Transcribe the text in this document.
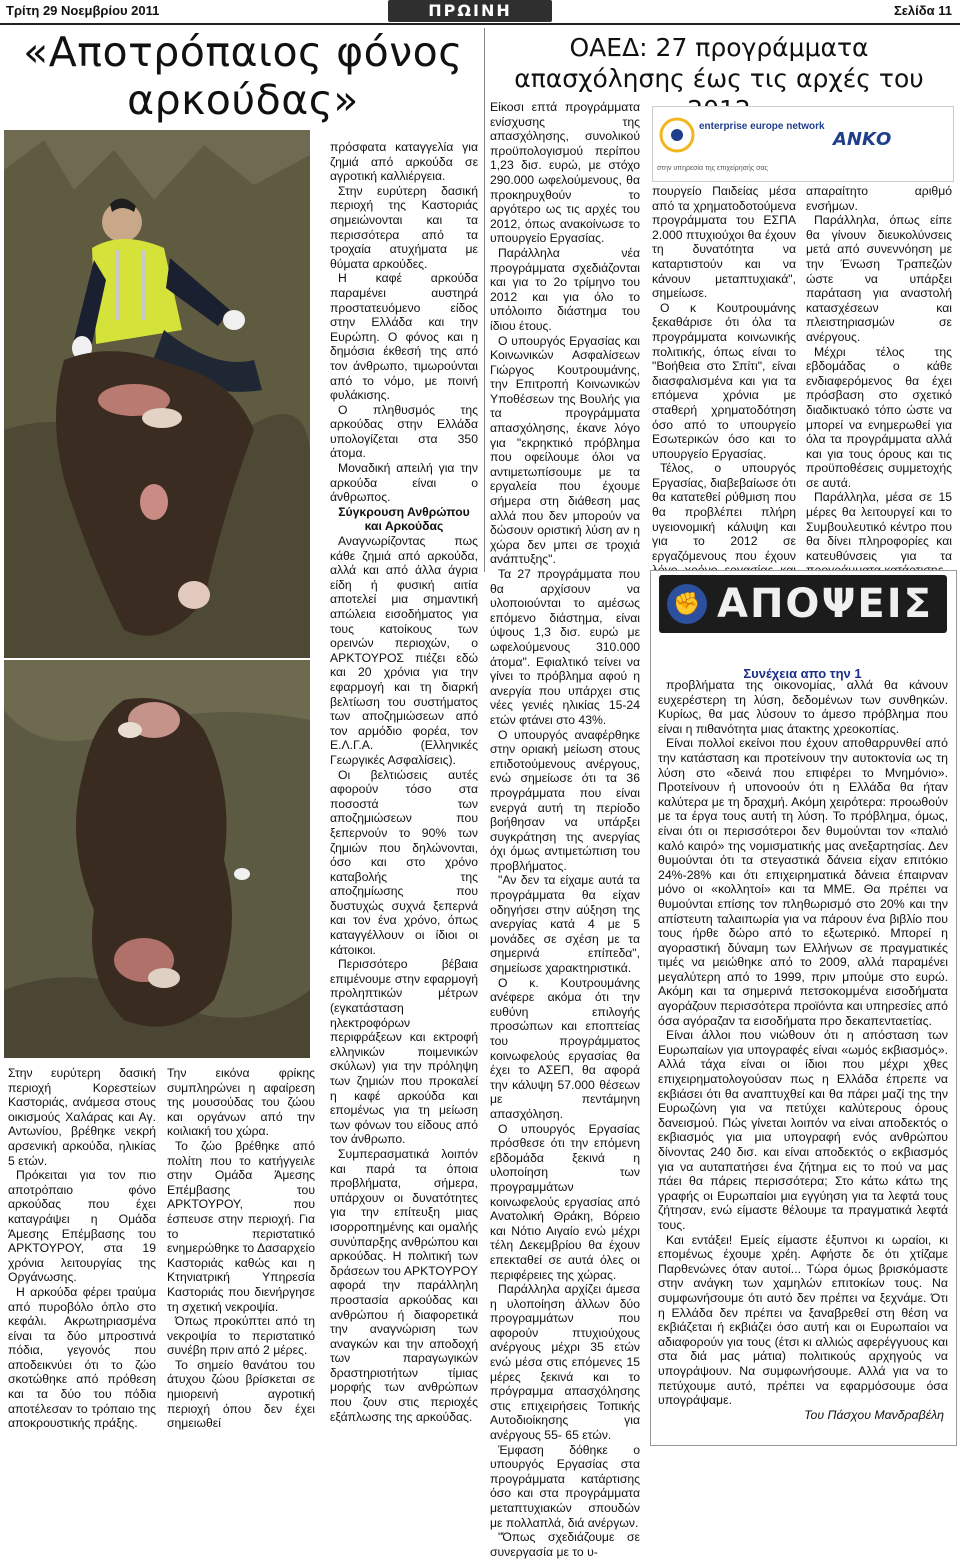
Τρίτη 29 Νοεμβρίου 2011	ΠΡΩΙΝΗ	Σελίδα 11
«Αποτρόπαιος φόνος αρκούδας»

Στην ευρύτερη δασική περιοχή Κορεστείων Καστοριάς, ανάμεσα στους οικισμούς Χαλάρας και Αγ. Αντωνίου, βρέθηκε νεκρή αρσενική αρκούδα, ηλικίας 5 ετών.

Πρόκειται για τον πιο αποτρόπαιο φόνο αρκούδας που έχει καταγράψει η Ομάδα Άμεσης Επέμβασης του ΑΡΚΤΟΥΡΟΥ, στα 19 χρόνια λειτουργίας της Οργάνωσης.

Η αρκούδα φέρει τραύμα από πυροβόλο όπλο στο κεφάλι. Ακρωτηριασμένα είναι τα δύο μπροστινά πόδια, γεγονός που αποδεικνύει ότι το ζώο σκοτώθηκε από πρόθεση και τα δύο του πόδια αποτέλεσαν το τρόπαιο της αποκρουστικής πράξης.

Την εικόνα φρίκης συμπληρώνει η αφαίρεση της μουσούδας του ζώου και οργάνων από την κοιλιακή του χώρα.

Το ζώο βρέθηκε από πολίτη που το κατήγγειλε στην Ομάδα Άμεσης Επέμβασης του ΑΡΚΤΟΥΡΟΥ, που έσπευσε στην περιοχή. Για το περιστατικό ενημερώθηκε το Δασαρχείο Καστοριάς καθώς και η Κτηνιατρική Υπηρεσία Καστοριάς που διενήργησε τη σχετική νεκροψία.

Όπως προκύπτει από τη νεκροψία το περιστατικό συνέβη πριν από 2 μέρες.

Το σημείο θανάτου του άτυχου ζώου βρίσκεται σε ημιορεινή αγροτική περιοχή όπου δεν έχει σημειωθεί

πρόσφατα καταγγελία για ζημιά από αρκούδα σε αγροτική καλλιέργεια.

Στην ευρύτερη δασική περιοχή της Καστοριάς σημειώνονται και τα περισσότερα από τα τροχαία ατυχήματα με θύματα αρκούδες.

Η καφέ αρκούδα παραμένει αυστηρά προστατευόμενο είδος στην Ελλάδα και την Ευρώπη. Ο φόνος και η δημόσια έκθεσή της από τον άνθρωπο, τιμωρούνται από το νόμο, με ποινή φυλάκισης.

Ο πληθυσμός της αρκούδας στην Ελλάδα υπολογίζεται στα 350 άτομα.

Μοναδική απειλή για την αρκούδα είναι ο άνθρωπος.

Σύγκρουση Ανθρώπου και Αρκούδας

Αναγνωρίζοντας πως κάθε ζημιά από αρκούδα, αλλά και από άλλα άγρια είδη ή φυσική αιτία αποτελεί μια σημαντική απώλεια εισοδήματος για τους κατοίκους των ορεινών περιοχών, ο ΑΡΚΤΟΥΡΟΣ πιέζει εδώ και 20 χρόνια για την εφαρμογή και τη διαρκή βελτίωση του συστήματος των αποζημιώσεων από τον αρμόδιο φορέα, τον Ε.Λ.Γ.Α. (Ελληνικές Γεωργικές Ασφαλίσεις).

Οι βελτιώσεις αυτές αφορούν τόσο στα ποσοστά των αποζημιώσεων που ξεπερνούν το 90% των ζημιών που δηλώνονται, όσο και στο χρόνο καταβολής της αποζημίωσης που δυστυχώς συχνά ξεπερνά και τον ένα χρόνο, όπως καταγγέλλουν οι ίδιοι οι κάτοικοι.

Περισσότερο βέβαια επιμένουμε στην εφαρμογή προληπτικών μέτρων (εγκατάσταση ηλεκτροφόρων περιφράξεων και εκτροφή ελληνικών ποιμενικών σκύλων) για την πρόληψη των ζημιών που προκαλεί η καφέ αρκούδα και επομένως για τη μείωση των φόνων του είδους από τον άνθρωπο.

Συμπερασματικά λοιπόν και παρά τα όποια προβλήματα, σήμερα, υπάρχουν οι δυνατότητες για την επίτευξη μιας ισορροπημένης και ομαλής συνύπαρξης ανθρώπου και αρκούδας. Η πολιτική των δράσεων του ΑΡΚΤΟΥΡΟΥ αφορά την παράλληλη προστασία αρκούδας και ανθρώπου ή διαφορετικά την αναγνώριση των αναγκών και την αποδοχή των παραγωγικών δραστηριοτήτων τίμιας μορφής των ανθρώπων που ζουν στις περιοχές εξάπλωσης της αρκούδας.

ΟΑΕΔ: 27 προγράμματα απασχόλησης έως τις αρχές του
enterprise europe network
ΑΝΚΟ
στην υπηρεσία της επιχείρησής σας

Είκοσι επτά προγράμματα ενίσχυσης της απασχόλησης, συνολικού προϋπολογισμού περίπου 1,23 δισ. ευρώ, με στόχο 290.000 ωφελούμενους, θα προκηρυχθούν το αργότερο ως τις αρχές του 2012, όπως ανακοίνωσε το υπουργείο Εργασίας.

Παράλληλα νέα προγράμματα σχεδιάζονται και για το 2ο τρίμηνο του 2012 και για όλο το υπόλοιπο διάστημα του ίδιου έτους.

Ο υπουργός Εργασίας και Κοινωνικών Ασφαλίσεων Γιώργος Κουτρουμάνης, την Επιτροπή Κοινωνικών Υποθέσεων της Βουλής για τα προγράμματα απασχόλησης, έκανε λόγο για "εκρηκτικό πρόβλημα που οφείλουμε όλοι να αντιμετωπίσουμε με τα εργαλεία που έχουμε σήμερα στη διάθεση μας αλλά που δεν μπορούν να δώσουν οριστική λύση αν η χώρα δεν μπει σε τροχιά ανάπτυξης".

Τα 27 προγράμματα που θα αρχίσουν να υλοποιούνται το αμέσως επόμενο διάστημα, είναι ύψους 1,3 δισ. ευρώ με ωφελούμενους 310.000 άτομα". Εφιαλτικό τείνει να γίνει το πρόβλημα αφού η ανεργία που υπάρχει στις νέες γενιές ηλικίας 15-24 ετών φτάνει στο 43%.

Ο υπουργός αναφέρθηκε στην οριακή μείωση στους επιδοτούμενους ανέργους, ενώ σημείωσε ότι τα 36 προγράμματα που είναι ενεργά αυτή τη περίοδο βοήθησαν να υπάρξει συγκράτηση της ανεργίας όχι όμως αντιμετώπιση του προβλήματος.

"Αν δεν τα είχαμε αυτά τα προγράμματα θα είχαν οδηγήσει στην αύξηση της ανεργίας κατά 4 με 5 μονάδες σε σχέση με τα σημερινά επίπεδα", σημείωσε χαρακτηριστικά.

Ο κ. Κουτρουμάνης ανέφερε ακόμα ότι την ευθύνη επιλογής προσώπων και εποπτείας του προγράμματος κοινωφελούς εργασίας θα έχει το ΑΣΕΠ, θα αφορά την κάλυψη 57.000 θέσεων με πεντάμηνη απασχόληση.

Ο υπουργός Εργασίας πρόσθεσε ότι την επόμενη εβδομάδα ξεκινά η υλοποίηση των προγραμμάτων κοινωφελούς εργασίας από Ανατολική Θράκη, Βόρειο και Νότιο Αιγαίο ενώ μέχρι τέλη Δεκεμβρίου θα έχουν επεκταθεί σε αυτά όλες οι περιφέρειες της χώρας.

Παράλληλα αρχίζει άμεσα η υλοποίηση άλλων δύο προγραμμάτων που αφορούν πτυχιούχους ανέργους μέχρι 35 ετών ενώ μέσα στις επόμενες 15 μέρες ξεκινά και το πρόγραμμα απασχόλησης στις επιχειρήσεις Τοπικής Αυτοδιοίκησης για ανέργους 55- 65 ετών.

Έμφαση δόθηκε ο υπουργός Εργασίας στα προγράμματα κατάρτισης όσο και στα προγράμματα μεταπτυχιακών σπουδών με πολλαπλά, διά ανέργων.

"Όπως σχεδιάζουμε σε συνεργασία με το υ-

πουργείο Παιδείας μέσα από τα χρηματοδοτούμενα προγράμματα του ΕΣΠΑ 2.000 πτυχιούχοι θα έχουν τη δυνατότητα να καταρτιστούν και να κάνουν μεταπτυχιακά", σημείωσε.

Ο κ Κουτρουμάνης ξεκαθάρισε ότι όλα τα προγράμματα κοινωνικής πολιτικής, όπως είναι το "Βοήθεια στο Σπίτι", είναι διασφαλισμένα και για τα επόμενα χρόνια με σταθερή χρηματοδότηση όσο από το υπουργείο Εσωτερικών όσο και το υπουργείο Εργασίας.

Τέλος, ο υπουργός Εργασίας, διαβεβαίωσε ότι θα κατατεθεί ρύθμιση που θα προβλέπει πλήρη υγειονομική κάλυψη και για το 2012 σε εργαζόμενους που έχουν

απαραίτητο αριθμό ενσήμων.

Παράλληλα, όπως είπε θα γίνουν διευκολύνσεις μετά από συνεννόηση με την Ένωση Τραπεζών ώστε να υπάρξει παράταση για αναστολή κατασχέσεων και πλειστηριασμών σε ανέργους.

Μέχρι τέλος της εβδομάδας ο κάθε ενδιαφερόμενος θα έχει πρόσβαση στο σχετικό διαδικτυακό τόπο ώστε να μπορεί να ενημερωθεί για όλα τα προγράμματα αλλά και για τους όρους και τις προϋποθέσεις συμμετοχής σε αυτά.

Παράλληλα, μέσα σε 15 μέρες θα λειτουργεί και το Συμβουλευτικό κέντρο που θα δίνει πληροφορίες και κατευθύνσεις για τα

✊ ΑΠΟΨΕΙΣ
Συνέχεια απο την 1

προβλήματα της οικονομίας, αλλά θα κάνουν ευχερέστερη τη λύση, δεδομένων των συνθηκών. Κυρίως, θα μας λύσουν το άμεσο πρόβλημα που είναι η πιθανότητα μιας άτακτης χρεοκοπίας.

Είναι πολλοί εκείνοι που έχουν αποθαρρυνθεί από την κατάσταση και προτείνουν την αυτοκτονία ως τη λύση στο «δεινά που επιφέρει το Μνημόνιο». Προτείνουν ή υπονοούν ότι η Ελλάδα θα ήταν καλύτερα με τη δραχμή. Ακόμη χειρότερα: προωθούν με τα έργα τους αυτή τη λύση. Το πρόβλημα, όμως, είναι ότι οι περισσότεροι δεν θυμούνται τον «παλιό καλό καιρό» της νομισματικής μας ανεξαρτησίας. Δεν θυμούνται ότι τα στεγαστικά δάνεια είχαν επιτόκιο 24%-28% και ότι επιχειρηματικά δάνεια έπαιρναν μόνο οι «κολλητοί» και τα ΜΜΕ. Θα πρέπει να θυμούνται επίσης τον πληθωρισμό στο 20% και την απίστευτη ταλαιπωρία για να πάρουν ένα βιβλίο που τους ήρθε δώρο από το εξωτερικό. Μπορεί η αγοραστική δύναμη των Ελλήνων σε πραγματικές τιμές να μειώθηκε από το 2009, αλλά παραμένει μεγαλύτερη από το 1999, πριν μπούμε στο ευρώ. Ακόμη και τα σημερινά πετσοκομμένα εισοδήματα αγοράζουν περισσότερα προϊόντα και υπηρεσίες από όσα αγόραζαν τα εισοδήματα προ δεκαπενταετίας.

Είναι άλλοι που νιώθουν ότι η απόσταση των Ευρωπαίων για υπογραφές είναι «ωμός εκβιασμός». Αλλά τάχα είναι οι ίδιοι που μέχρι χθες επιχειρηματολογούσαν πως η Ελλάδα έπρεπε να εκβιάσει ότι θα αναπτυχθεί και θα πάρει μαζί της την Ευρωζώνη για να πετύχει καλύτερους όρους δανεισμού. Πώς γίνεται λοιπόν να είναι αποδεκτός ο εκβιασμός για μια υπογραφή ενός ανθρώπου δίνοντας 240 δισ. και είναι αποδεκτός ο εκβιασμός για να αυταπατήσει ένα ζήτημα εις το πού να μας πάει θα πάρεις περισσότερα; Στο κάτω κάτω της γραφής οι Ευρωπαίοι μια εγγύηση για τα λεφτά τους ζήτησαν, ενώ είμαστε θέλουμε τα πραγματικά λεφτά τους.

Και εντάξει! Εμείς είμαστε έξυπνοι κι ωραίοι, κι επομένως έχουμε χρέη. Αφήστε δε ότι χτίζαμε Παρθενώνες όταν αυτοί... Τώρα όμως βρισκόμαστε στην ανάγκη των χαμηλών επιτοκίων τους. Να συμφωνήσουμε ότι αυτό δεν πρέπει να ξεχνάμε. Ότι η Ελλάδα δεν πρέπει να ξαναβρεθεί στη θέση να εκβιάζεται ή εκβιάζει όσο αυτή και οι Ευρωπαίοι να αδιαφορούν για τους (έτσι κι αλλιώς αφερέγγυους και στα διά μας μάτια) πολιτικούς αρχηγούς να υπογράψουν. Να συμφωνήσουμε. Αλλά για να το πετύχουμε αυτό, πρέπει να εφαρμόσουμε όσα υπογράψαμε.

Του Πάσχου Μανδραβέλη
